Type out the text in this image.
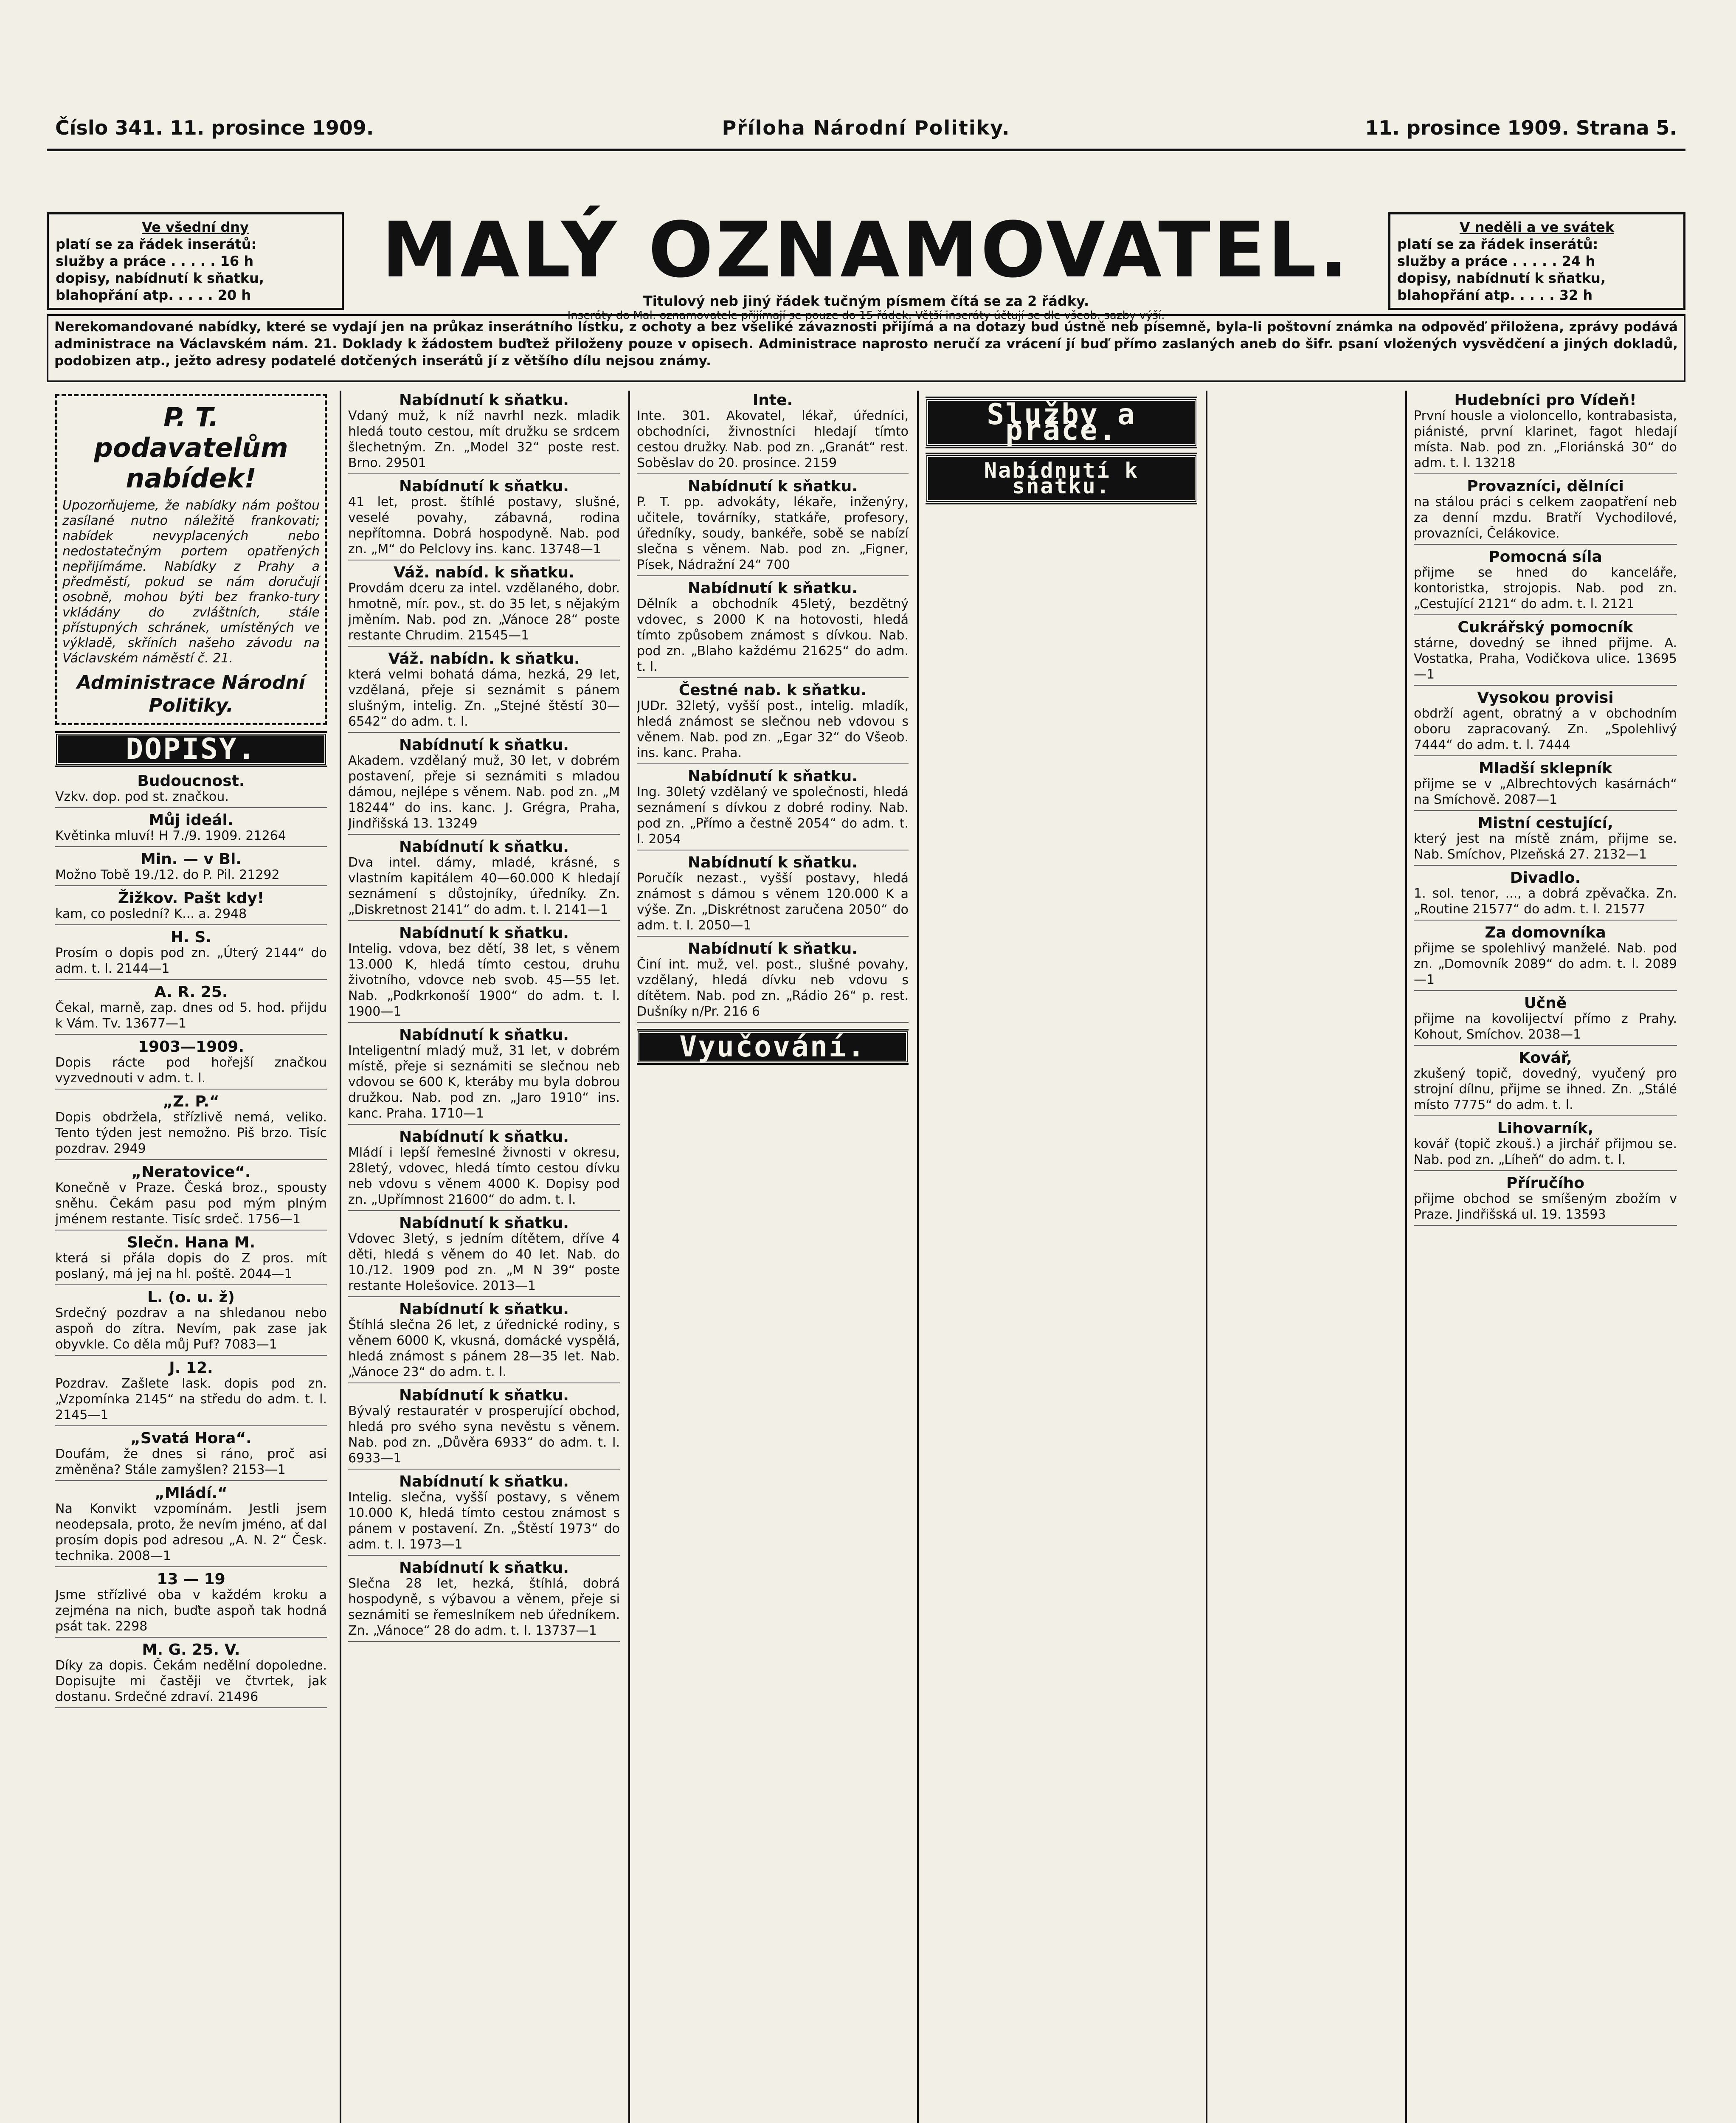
Číslo 341. 11. prosince 1909.	Příloha Národní Politiky.	11. prosince 1909. Strana 5.
Ve všední dny
platí se za řádek inserátů:
služby a práce . . . . . 16 h
dopisy, nabídnutí k sňatku,
blahopřání atp. . . . . 20 h
MALÝ OZNAMOVATEL.
Titulový neb jiný řádek tučným písmem čítá se za 2 řádky.
Inseráty do Mal. oznamovatele přijímají se pouze do 15 řádek. Větší inseráty účtují se dle všeob. sazby výší.
V neděli a ve svátek
platí se za řádek inserátů:
služby a práce . . . . . 24 h
dopisy, nabídnutí k sňatku,
blahopřání atp. . . . . 32 h
Nerekomandované nabídky, které se vydají jen na průkaz inserátního lístku, z ochoty a bez všeliké závaznosti přijímá a na dotazy bud ústně neb písemně, byla-li poštovní známka na odpověď přiložena, zprávy podává administrace na Václavském nám. 21. Doklady k žádostem buďtež přiloženy pouze v opisech. Administrace naprosto neručí za vrácení jí buď přímo zaslaných aneb do šifr. psaní vložených vysvědčení a jiných dokladů, podobizen atp., ježto adresy podatelé dotčených inserátů jí z většího dílu nejsou známy.
P. T. podavatelům nabídek!
Upozorňujeme, že nabídky nám poštou zasílané nutno náležitě frankovati; nabídek nevyplacených nebo nedostatečným portem opatřených nepřijímáme. Nabídky z Prahy a předměstí, pokud se nám doručují osobně, mohou býti bez franko-tury vkládány do zvláštních, stále přístupných schránek, umístěných ve výkladě, skříních našeho závodu na Václavském náměstí č. 21.
Administrace Národní Politiky.
DOPISY.
Budoucnost.
Vzkv. dop. pod st. značkou.
Můj ideál.
Květinka mluví! H 7./9. 1909. 21264
Min. — v Bl.
Možno Tobě 19./12. do P. Pil. 21292
Žižkov. Pašt kdy!
kam, co poslední? K... a. 2948
H. S.
Prosím o dopis pod zn. „Úterý 2144“ do adm. t. l. 2144—1
A. R. 25.
Čekal, marně, zap. dnes od 5. hod. přijdu k Vám. Tv. 13677—1
1903—1909.
Dopis rácte pod hořejší značkou vyzvednouti v adm. t. l.
„Z. P.“
Dopis obdržela, střízlivě nemá, veliko. Tento týden jest nemožno. Piš brzo. Tisíc pozdrav. 2949
„Neratovice“.
Konečně v Praze. Česká broz., spousty sněhu. Čekám pasu pod mým plným jménem restante. Tisíc srdeč. 1756—1
Slečn. Hana M.
která si přála dopis do Z pros. mít poslaný, má jej na hl. poště. 2044—1
L. (o. u. ž)
Srdečný pozdrav a na shledanou nebo aspoň do zítra. Nevím, pak zase jak obyvkle. Co děla můj Puf? 7083—1
J. 12.
Pozdrav. Zašlete lask. dopis pod zn. „Vzpomínka 2145“ na středu do adm. t. l. 2145—1
„Svatá Hora“.
Doufám, že dnes si ráno, proč asi změněna? Stále zamyšlen? 2153—1
„Mládí.“
Na Konvikt vzpomínám. Jestli jsem neodepsala, proto, že nevím jméno, ať dal prosím dopis pod adresou „A. N. 2“ Česk. technika. 2008—1
13 — 19
Jsme střízlivé oba v každém kroku a zejména na nich, buďte aspoň tak hodná psát tak. 2298
M. G. 25. V.
Díky za dopis. Čekám nedělní dopoledne. Dopisujte mi častěji ve čtvrtek, jak dostanu. Srdečné zdraví. 21496
Nabídnutí k sňatku.
Vdaný muž, k níž navrhl nezk. mladik hledá touto cestou, mít družku se srdcem šlechetným. Zn. „Model 32“ poste rest. Brno. 29501
Nabídnutí k sňatku.
41 let, prost. štíhlé postavy, slušné, veselé povahy, zábavná, rodina nepřítomna. Dobrá hospodyně. Nab. pod zn. „M“ do Pelclovy ins. kanc. 13748—1
Váž. nabíd. k sňatku.
Provdám dceru za intel. vzdělaného, dobr. hmotně, mír. pov., st. do 35 let, s nějakým jměním. Nab. pod zn. „Vánoce 28“ poste restante Chrudim. 21545—1
Váž. nabídn. k sňatku.
která velmi bohatá dáma, hezká, 29 let, vzdělaná, přeje si seznámit s pánem slušným, intelig. Zn. „Stejné štěstí 30—6542“ do adm. t. l.
Nabídnutí k sňatku.
Akadem. vzdělaný muž, 30 let, v dobrém postavení, přeje si seznámiti s mladou dámou, nejlépe s věnem. Nab. pod zn. „M 18244“ do ins. kanc. J. Grégra, Praha, Jindřišská 13. 13249
Nabídnutí k sňatku.
Dva intel. dámy, mladé, krásné, s vlastním kapitálem 40—60.000 K hledají seznámení s důstojníky, úředníky. Zn. „Diskretnost 2141“ do adm. t. l. 2141—1
Nabídnutí k sňatku.
Intelig. vdova, bez dětí, 38 let, s věnem 13.000 K, hledá tímto cestou, druhu životního, vdovce neb svob. 45—55 let. Nab. „Podkrkonoší 1900“ do adm. t. l. 1900—1
Nabídnutí k sňatku.
Inteligentní mladý muž, 31 let, v dobrém místě, přeje si seznámiti se slečnou neb vdovou se 600 K, kteráby mu byla dobrou družkou. Nab. pod zn. „Jaro 1910“ ins. kanc. Praha. 1710—1
Nabídnutí k sňatku.
Mládí i lepší řemeslné živnosti v okresu, 28letý, vdovec, hledá tímto cestou dívku neb vdovu s věnem 4000 K. Dopisy pod zn. „Upřímnost 21600“ do adm. t. l.
Nabídnutí k sňatku.
Vdovec 3letý, s jedním dítětem, dříve 4 děti, hledá s věnem do 40 let. Nab. do 10./12. 1909 pod zn. „M N 39“ poste restante Holešovice. 2013—1
Nabídnutí k sňatku.
Štíhlá slečna 26 let, z úřednické rodiny, s věnem 6000 K, vkusná, domácké vyspělá, hledá známost s pánem 28—35 let. Nab. „Vánoce 23“ do adm. t. l.
Nabídnutí k sňatku.
Bývalý restauratér v prosperující obchod, hledá pro svého syna nevěstu s věnem. Nab. pod zn. „Důvěra 6933“ do adm. t. l. 6933—1
Nabídnutí k sňatku.
Intelig. slečna, vyšší postavy, s věnem 10.000 K, hledá tímto cestou známost s pánem v postavení. Zn. „Štěstí 1973“ do adm. t. l. 1973—1
Nabídnutí k sňatku.
Slečna 28 let, hezká, štíhlá, dobrá hospodyně, s výbavou a věnem, přeje si seznámiti se řemeslníkem neb úředníkem. Zn. „Vánoce“ 28 do adm. t. l. 13737—1
Inte.
Inte. 301. Akovatel, lékař, úředníci, obchodníci, živnostníci hledají tímto cestou družky. Nab. pod zn. „Granát“ rest. Soběslav do 20. prosince. 2159
Nabídnutí k sňatku.
P. T. pp. advokáty, lékaře, inženýry, učitele, továrníky, statkáře, profesory, úředníky, soudy, bankéře, sobě se nabízí slečna s věnem. Nab. pod zn. „Figner, Písek, Nádražní 24“ 700
Nabídnutí k sňatku.
Dělník a obchodník 45letý, bezdětný vdovec, s 2000 K na hotovosti, hledá tímto způsobem známost s dívkou. Nab. pod zn. „Blaho každému 21625“ do adm. t. l.
Čestné nab. k sňatku.
JUDr. 32letý, vyšší post., intelig. mladík, hledá známost se slečnou neb vdovou s věnem. Nab. pod zn. „Egar 32“ do Všeob. ins. kanc. Praha.
Nabídnutí k sňatku.
Ing. 30letý vzdělaný ve společnosti, hledá seznámení s dívkou z dobré rodiny. Nab. pod zn. „Přímo a čestně 2054“ do adm. t. l. 2054
Nabídnutí k sňatku.
Poručík nezast., vyšší postavy, hledá známost s dámou s věnem 120.000 K a výše. Zn. „Diskrétnost zaručena 2050“ do adm. t. l. 2050—1
Nabídnutí k sňatku.
Činí int. muž, vel. post., slušné povahy, vzdělaný, hledá dívku neb vdovu s dítětem. Nab. pod zn. „Rádio 26“ p. rest. Dušníky n/Pr. 216 6
Vyučování.
Služby a práce.
Nabídnutí k sňatku.
Hudebníci pro Vídeň!
První housle a violoncello, kontrabasista, piánisté, první klarinet, fagot hledají místa. Nab. pod zn. „Floriánská 30“ do adm. t. l. 13218
Provazníci, dělníci
na stálou práci s celkem zaopatření neb za denní mzdu. Bratří Vychodilové, provazníci, Čelákovice.
Pomocná síla
přijme se hned do kanceláře, kontoristka, strojopis. Nab. pod zn. „Cestující 2121“ do adm. t. l. 2121
Cukrářský pomocník
stárne, dovedný se ihned přijme. A. Vostatka, Praha, Vodičkova ulice. 13695—1
Vysokou provisi
obdrží agent, obratný a v obchodním oboru zapracovaný. Zn. „Spolehlivý 7444“ do adm. t. l. 7444
Mladší sklepník
přijme se v „Albrechtových kasárnách“ na Smíchově. 2087—1
Mistní cestující,
který jest na místě znám, přijme se. Nab. Smíchov, Plzeňská 27. 2132—1
Divadlo.
1. sol. tenor, ..., a dobrá zpěvačka. Zn. „Routine 21577“ do adm. t. l. 21577
Za domovníka
přijme se spolehlivý manželé. Nab. pod zn. „Domovník 2089“ do adm. t. l. 2089—1
Učně
přijme na kovolijectví přímo z Prahy. Kohout, Smíchov. 2038—1
Kovář,
zkušený topič, dovedný, vyučený pro strojní dílnu, přijme se ihned. Zn. „Stálé místo 7775“ do adm. t. l.
Lihovarník,
kovář (topič zkouš.) a jirchář přijmou se. Nab. pod zn. „Líheň“ do adm. t. l.
Příručího
přijme obchod se smíšeným zbožím v Praze. Jindřišská ul. 19. 13593
